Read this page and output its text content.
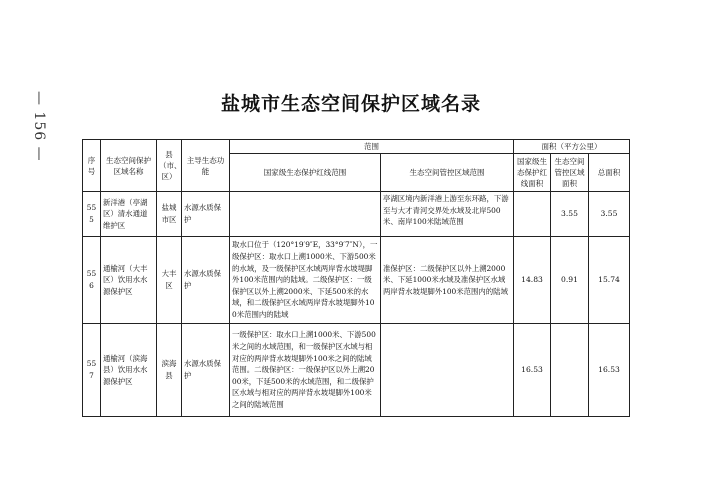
— 156 —	盐城市生态空间保护区域名录
序号	生态空间保护区域名称	县（市、区）	主导生态功能	范围		面积（平方公里）		
				国家级生态保护红线范围	生态空间管控区域范围	国家级生态保护红线面积	生态空间管控区域面积	总面积
555	新洋港（亭湖区）清水通道维护区	盐城市区	水源水质保护		亭湖区境内新洋港上游至东环路，下游至与大才青河交界处水域及北岸500米、南岸100米陆域范围		3.55	3.55
556	通榆河（大丰区）饮用水水源保护区	大丰区	水源水质保护	取水口位于（120°19′9″E，33°9′7″N），一级保护区：取水口上溯1000米、下游500米的水域，及一级保护区水域两岸背水坡堤脚外100米范围内的陆域。二级保护区：一级保护区以外上溯2000米、下延500米的水域，和二级保护区水域两岸背水坡堤脚外100米范围内的陆域	准保护区：二级保护区以外上溯2000米、下延1000米水域及准保护区水域两岸背水坡堤脚外100米范围内的陆域	14.83	0.91	15.74
557	通榆河（滨海县）饮用水水源保护区	滨海县	水源水质保护	一级保护区：取水口上溯1000米、下游500米之间的水域范围，和一级保护区水域与相对应的两岸背水坡堤脚外100米之间的陆域范围。二级保护区：一级保护区以外上溯2000米，下延500米的水域范围，和二级保护区水域与相对应的两岸背水坡堤脚外100米之间的陆域范围		16.53		16.53
